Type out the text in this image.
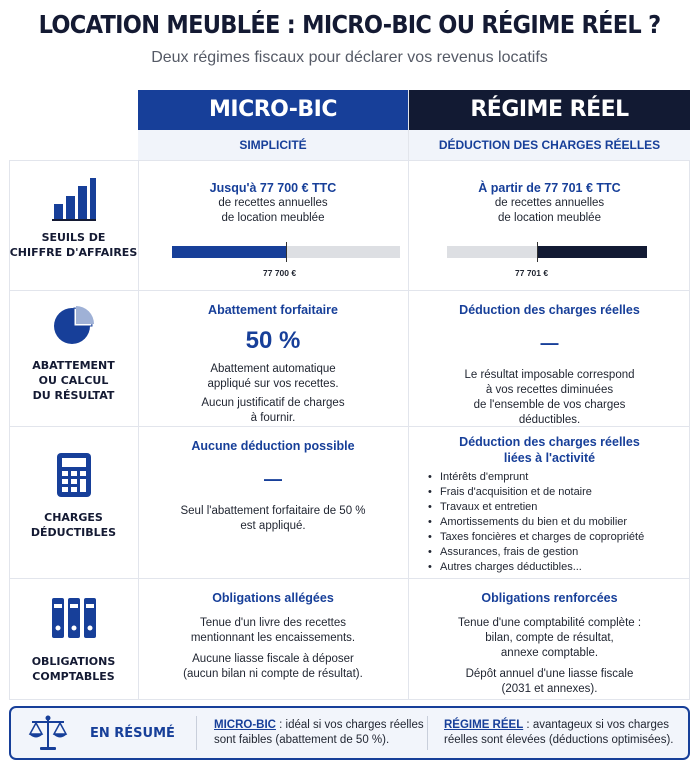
LOCATION MEUBLÉE : MICRO-BIC OU RÉGIME RÉEL ?
Deux régimes fiscaux pour déclarer vos revenus locatifs
MICRO-BIC	RÉGIME RÉEL
SIMPLICITÉ	DÉDUCTION DES CHARGES RÉELLES
SEUILS DE
CHIFFRE D'AFFAIRES
Jusqu'à 77 700 € TTC
de recettes annuelles
de location meublée
77 700 €
À partir de 77 701 € TTC
de recettes annuelles
de location meublée
77 701 €
ABATTEMENT
OU CALCUL
DU RÉSULTAT
Abattement forfaitaire
50 %
Abattement automatique
appliqué sur vos recettes.
Aucun justificatif de charges
à fournir.
Déduction des charges réelles
—
Le résultat imposable correspond
à vos recettes diminuées
de l'ensemble de vos charges
déductibles.
CHARGES
DÉDUCTIBLES
Aucune déduction possible
—
Seul l'abattement forfaitaire de 50 %
est appliqué.
Déduction des charges réelles
liées à l'activité
• Intérêts d'emprunt
• Frais d'acquisition et de notaire
• Travaux et entretien
• Amortissements du bien et du mobilier
• Taxes foncières et charges de copropriété
• Assurances, frais de gestion
• Autres charges déductibles...
OBLIGATIONS
COMPTABLES
Obligations allégées
Tenue d'un livre des recettes
mentionnant les encaissements.
Aucune liasse fiscale à déposer
(aucun bilan ni compte de résultat).
Obligations renforcées
Tenue d'une comptabilité complète :
bilan, compte de résultat,
annexe comptable.
Dépôt annuel d'une liasse fiscale
(2031 et annexes).
EN RÉSUMÉ
MICRO-BIC : idéal si vos charges réelles
sont faibles (abattement de 50 %).
RÉGIME RÉEL : avantageux si vos charges
réelles sont élevées (déductions optimisées).
